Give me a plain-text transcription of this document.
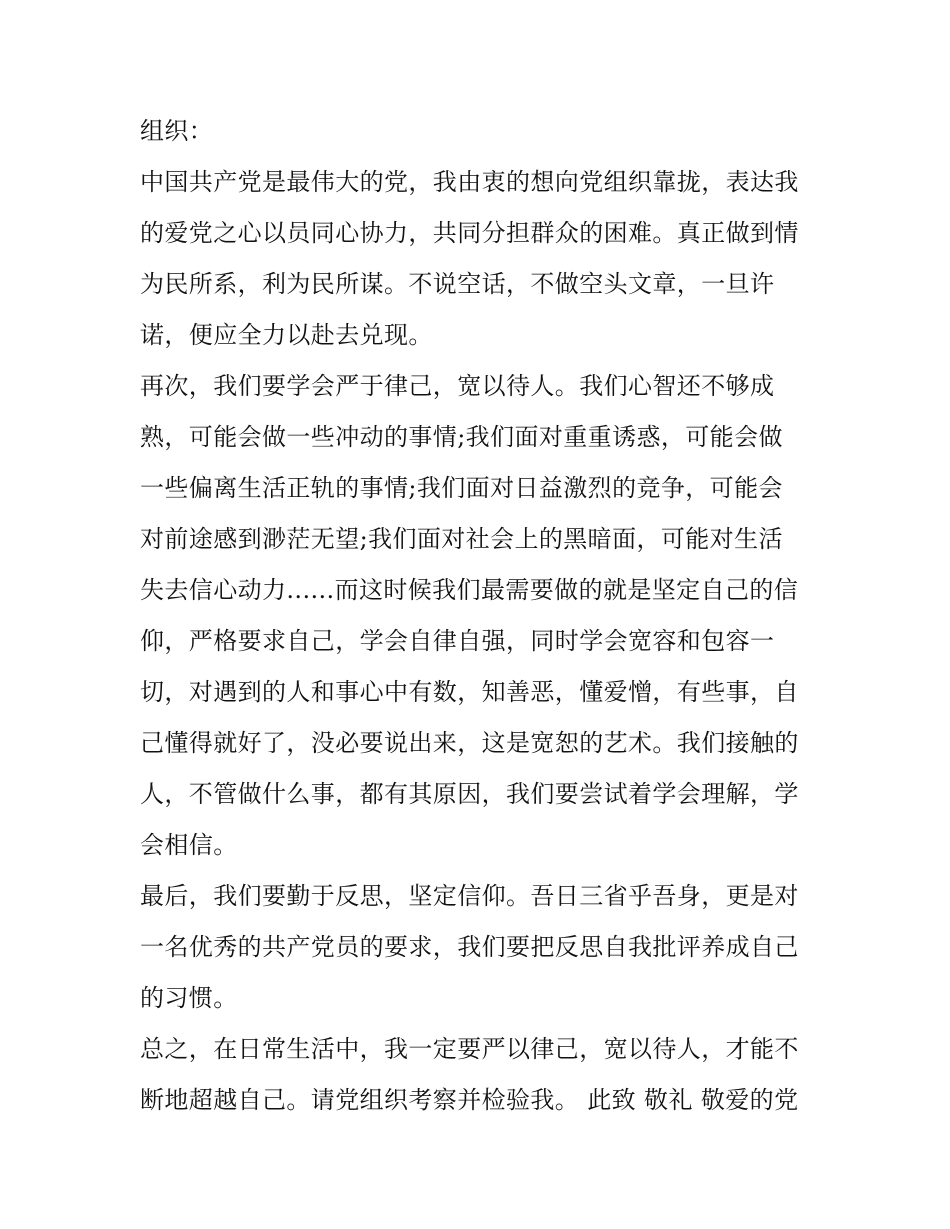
组织：
中国共产党是最伟大的党，我由衷的想向党组织靠拢，表达我
的爱党之心以员同心协力，共同分担群众的困难。真正做到情
为民所系，利为民所谋。不说空话，不做空头文章，一旦许
诺，便应全力以赴去兑现。
再次，我们要学会严于律己，宽以待人。我们心智还不够成
熟，可能会做一些冲动的事情;我们面对重重诱惑，可能会做
一些偏离生活正轨的事情;我们面对日益激烈的竞争，可能会
对前途感到渺茫无望;我们面对社会上的黑暗面，可能对生活
失去信心动力......而这时候我们最需要做的就是坚定自己的信
仰，严格要求自己，学会自律自强，同时学会宽容和包容一
切，对遇到的人和事心中有数，知善恶，懂爱憎，有些事，自
己懂得就好了，没必要说出来，这是宽恕的艺术。我们接触的
人，不管做什么事，都有其原因，我们要尝试着学会理解，学
会相信。
最后，我们要勤于反思，坚定信仰。吾日三省乎吾身，更是对
一名优秀的共产党员的要求，我们要把反思自我批评养成自己
的习惯。
总之，在日常生活中，我一定要严以律己，宽以待人，才能不
断地超越自己。请党组织考察并检验我。 此致 敬礼 敬爱的党
